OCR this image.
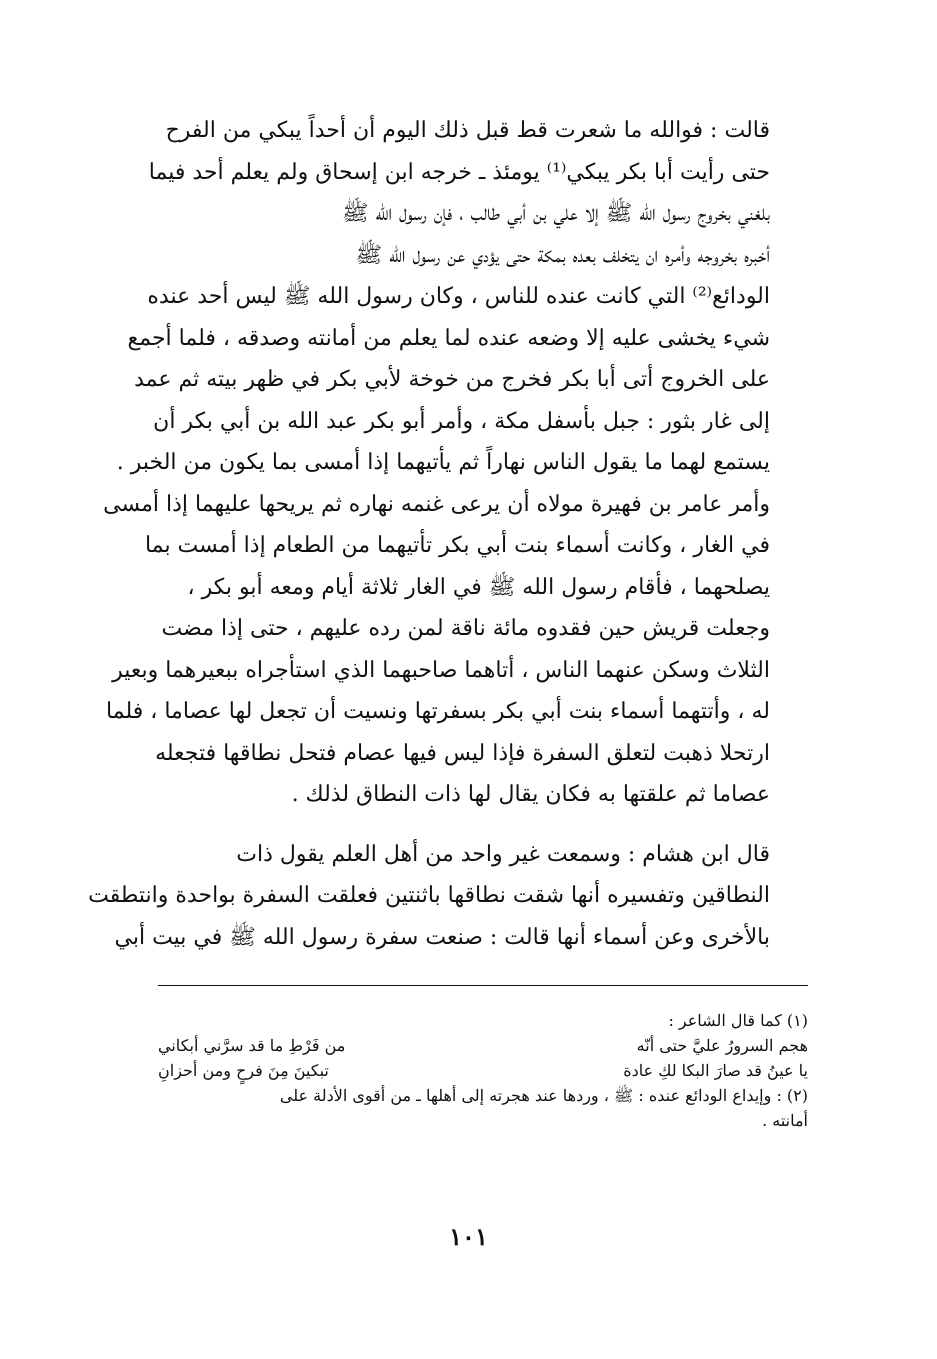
قالت : فوالله ما شعرت قط قبل ذلك اليوم أن أحداً يبكي من الفرح
حتى رأيت أبا بكر يبكي⁽¹⁾ يومئذ ـ خرجه ابن إسحاق ولم يعلم أحد فيما
بلغني بخروج رسول الله ﷺ إلا علي بن أبي طالب ، فإن رسول الله ﷺ
أخبره بخروجه وأمره ان يتخلف بعده بمكة حتى يؤدي عن رسول الله ﷺ
الودائع⁽²⁾ التي كانت عنده للناس ، وكان رسول الله ﷺ ليس أحد عنده
شيء يخشى عليه إلا وضعه عنده لما يعلم من أمانته وصدقه ، فلما أجمع
على الخروج أتى أبا بكر فخرج من خوخة لأبي بكر في ظهر بيته ثم عمد
إلى غار بثور : جبل بأسفل مكة ، وأمر أبو بكر عبد الله بن أبي بكر أن
يستمع لهما ما يقول الناس نهاراً ثم يأتيهما إذا أمسى بما يكون من الخبر .
وأمر عامر بن فهيرة مولاه أن يرعى غنمه نهاره ثم يريحها عليهما إذا أمسى
في الغار ، وكانت أسماء بنت أبي بكر تأتيهما من الطعام إذا أمست بما
يصلحهما ، فأقام رسول الله ﷺ في الغار ثلاثة أيام ومعه أبو بكر ،
وجعلت قريش حين فقدوه مائة ناقة لمن رده عليهم ، حتى إذا مضت
الثلاث وسكن عنهما الناس ، أتاهما صاحبهما الذي استأجراه ببعيرهما وبعير
له ، وأتتهما أسماء بنت أبي بكر بسفرتها ونسيت أن تجعل لها عصاما ، فلما
ارتحلا ذهبت لتعلق السفرة فإذا ليس فيها عصام فتحل نطاقها فتجعله
عصاما ثم علقتها به فكان يقال لها ذات النطاق لذلك .

قال ابن هشام : وسمعت غير واحد من أهل العلم يقول ذات
النطاقين وتفسيره أنها شقت نطاقها باثنتين فعلقت السفرة بواحدة وانتطقت
بالأخرى وعن أسماء أنها قالت : صنعت سفرة رسول الله ﷺ في بيت أبي

(١) كما قال الشاعر :

هجم السرورُ عليَّ حتى أنّه
من فَرْطِ ما قد سرَّني أبكاني
يا عينُ قد صارَ البكا لكِ عادة
تبكينَ مِنَ فرحٍ ومن أحزانِ

(٢) : وإيداع الودائع عنده : ﷺ ، وردها عند هجرته إلى أهلها ـ من أقوى الأدلة على

أمانته .

١٠١
